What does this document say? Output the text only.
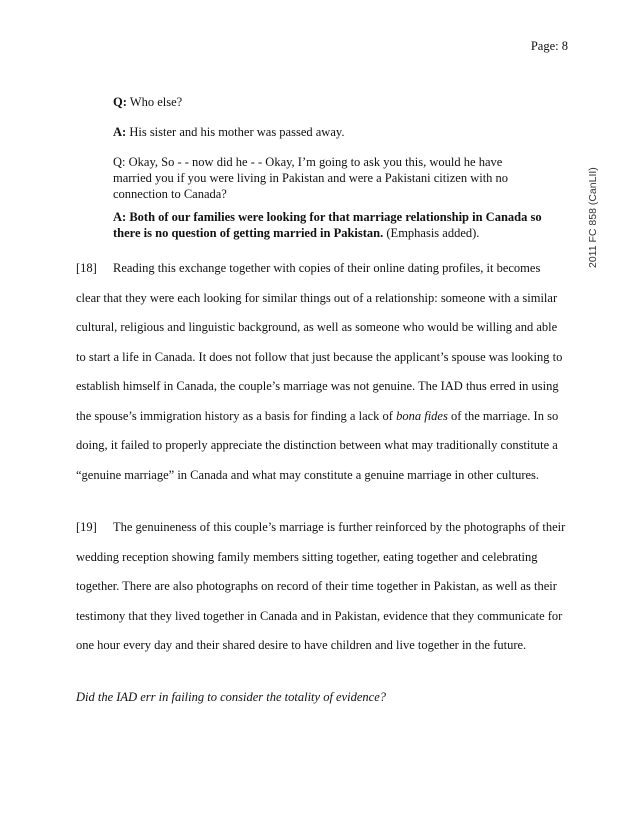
Page: 8
2011 FC 858 (CanLII)
Q: Who else?
A: His sister and his mother was passed away.
Q: Okay, So - - now did he - - Okay, I’m going to ask you this, would he have married you if you were living in Pakistan and were a Pakistani citizen with no connection to Canada?
A: Both of our families were looking for that marriage relationship in Canada so there is no question of getting married in Pakistan. (Emphasis added).

[18] Reading this exchange together with copies of their online dating profiles, it becomes clear that they were each looking for similar things out of a relationship: someone with a similar cultural, religious and linguistic background, as well as someone who would be willing and able to start a life in Canada. It does not follow that just because the applicant’s spouse was looking to establish himself in Canada, the couple’s marriage was not genuine. The IAD thus erred in using the spouse’s immigration history as a basis for finding a lack of bona fides of the marriage. In so doing, it failed to properly appreciate the distinction between what may traditionally constitute a “genuine marriage” in Canada and what may constitute a genuine marriage in other cultures.

[19] The genuineness of this couple’s marriage is further reinforced by the photographs of their wedding reception showing family members sitting together, eating together and celebrating together. There are also photographs on record of their time together in Pakistan, as well as their testimony that they lived together in Canada and in Pakistan, evidence that they communicate for one hour every day and their shared desire to have children and live together in the future.

Did the IAD err in failing to consider the totality of evidence?
